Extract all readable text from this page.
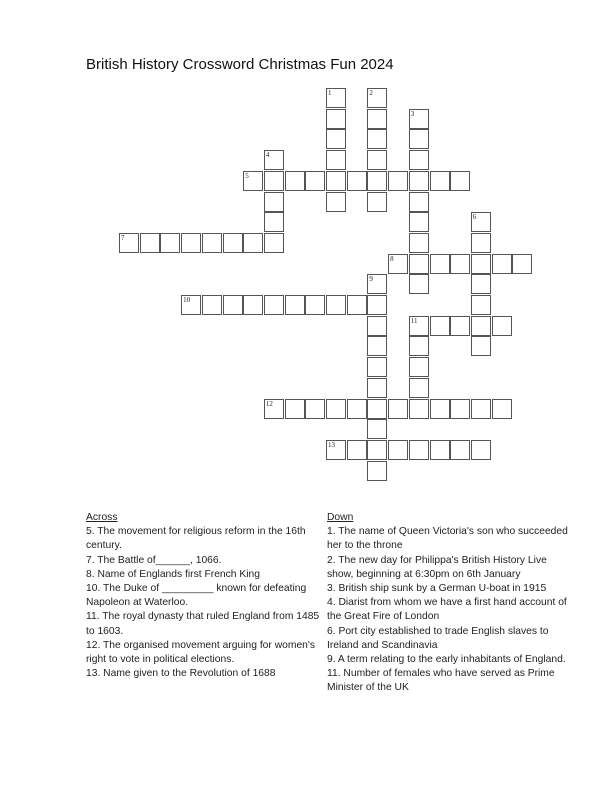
British History Crossword Christmas Fun 2024
1	2
3
4
5
6
7
8
9
10
11
12
13
Across

5. The movement for religious reform in the 16th century.

7. The Battle of______, 1066.

8. Name of Englands first French King

10. The Duke of _________ known for defeating Napoleon at Waterloo.

11. The royal dynasty that ruled England from 1485 to 1603.

12. The organised movement arguing for women's right to vote in political elections.

13. Name given to the Revolution of 1688

Down

1. The name of Queen Victoria's son who succeeded her to the throne

2. The new day for Philippa's British History Live show, beginning at 6:30pm on 6th January

3. British ship sunk by a German U-boat in 1915

4. Diarist from whom we have a first hand account of the Great Fire of London

6. Port city established to trade English slaves to Ireland and Scandinavia

9. A term relating to the early inhabitants of England.

11. Number of females who have served as Prime Minister of the UK
